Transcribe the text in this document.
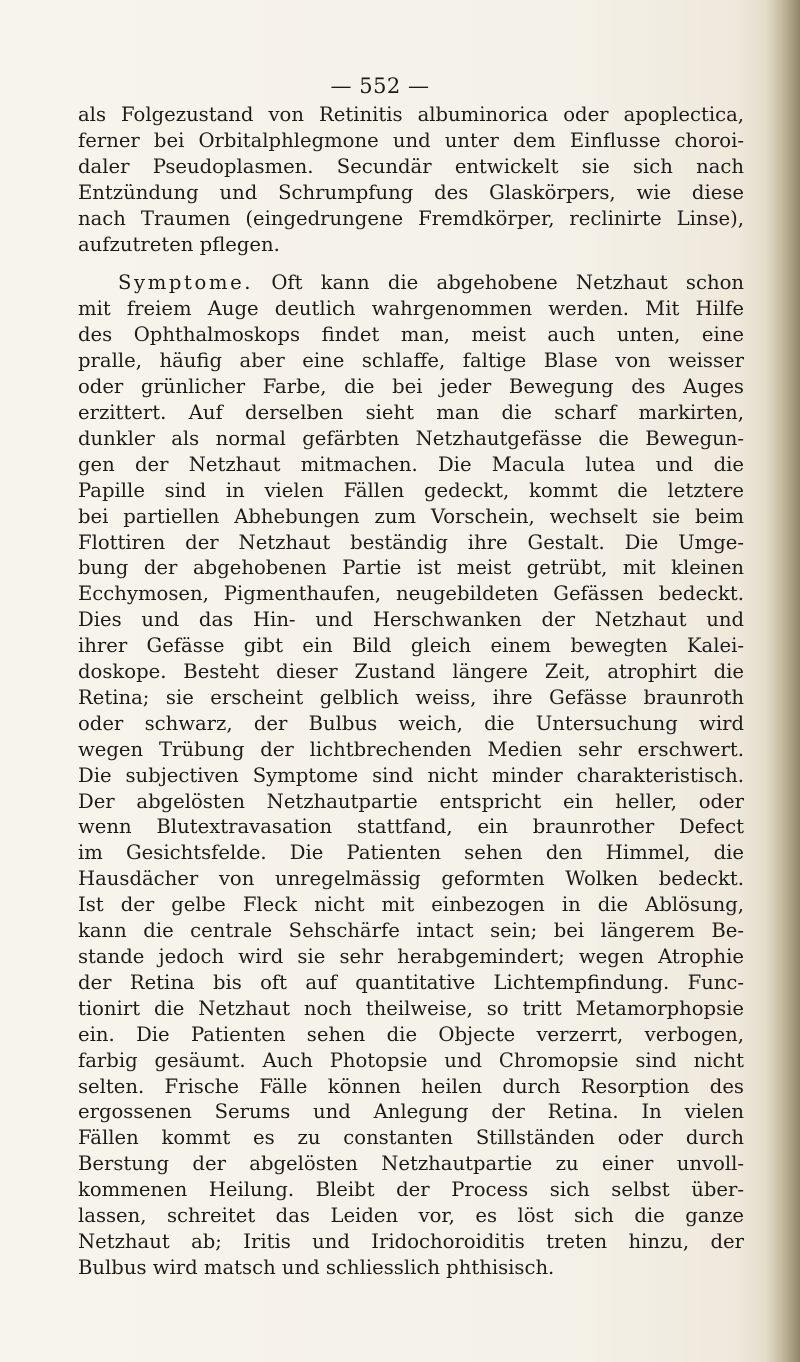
— 552 —
als Folgezustand von Retinitis albuminorica oder apoplectica,
ferner bei Orbitalphlegmone und unter dem Einflusse choroi-
daler Pseudoplasmen. Secundär entwickelt sie sich nach
Entzündung und Schrumpfung des Glaskörpers, wie diese
nach Traumen (eingedrungene Fremdkörper, reclinirte Linse),
aufzutreten pflegen.
Symptome. Oft kann die abgehobene Netzhaut schon
mit freiem Auge deutlich wahrgenommen werden. Mit Hilfe
des Ophthalmoskops findet man, meist auch unten, eine
pralle, häufig aber eine schlaffe, faltige Blase von weisser
oder grünlicher Farbe, die bei jeder Bewegung des Auges
erzittert. Auf derselben sieht man die scharf markirten,
dunkler als normal gefärbten Netzhautgefässe die Bewegun-
gen der Netzhaut mitmachen. Die Macula lutea und die
Papille sind in vielen Fällen gedeckt, kommt die letztere
bei partiellen Abhebungen zum Vorschein, wechselt sie beim
Flottiren der Netzhaut beständig ihre Gestalt. Die Umge-
bung der abgehobenen Partie ist meist getrübt, mit kleinen
Ecchymosen, Pigmenthaufen, neugebildeten Gefässen bedeckt.
Dies und das Hin- und Herschwanken der Netzhaut und
ihrer Gefässe gibt ein Bild gleich einem bewegten Kalei-
doskope. Besteht dieser Zustand längere Zeit, atrophirt die
Retina; sie erscheint gelblich weiss, ihre Gefässe braunroth
oder schwarz, der Bulbus weich, die Untersuchung wird
wegen Trübung der lichtbrechenden Medien sehr erschwert.
Die subjectiven Symptome sind nicht minder charakteristisch.
Der abgelösten Netzhautpartie entspricht ein heller, oder
wenn Blutextravasation stattfand, ein braunrother Defect
im Gesichtsfelde. Die Patienten sehen den Himmel, die
Hausdächer von unregelmässig geformten Wolken bedeckt.
Ist der gelbe Fleck nicht mit einbezogen in die Ablösung,
kann die centrale Sehschärfe intact sein; bei längerem Be-
stande jedoch wird sie sehr herabgemindert; wegen Atrophie
der Retina bis oft auf quantitative Lichtempfindung. Func-
tionirt die Netzhaut noch theilweise, so tritt Metamorphopsie
ein. Die Patienten sehen die Objecte verzerrt, verbogen,
farbig gesäumt. Auch Photopsie und Chromopsie sind nicht
selten. Frische Fälle können heilen durch Resorption des
ergossenen Serums und Anlegung der Retina. In vielen
Fällen kommt es zu constanten Stillständen oder durch
Berstung der abgelösten Netzhautpartie zu einer unvoll-
kommenen Heilung. Bleibt der Process sich selbst über-
lassen, schreitet das Leiden vor, es löst sich die ganze
Netzhaut ab; Iritis und Iridochoroiditis treten hinzu, der
Bulbus wird matsch und schliesslich phthisisch.
